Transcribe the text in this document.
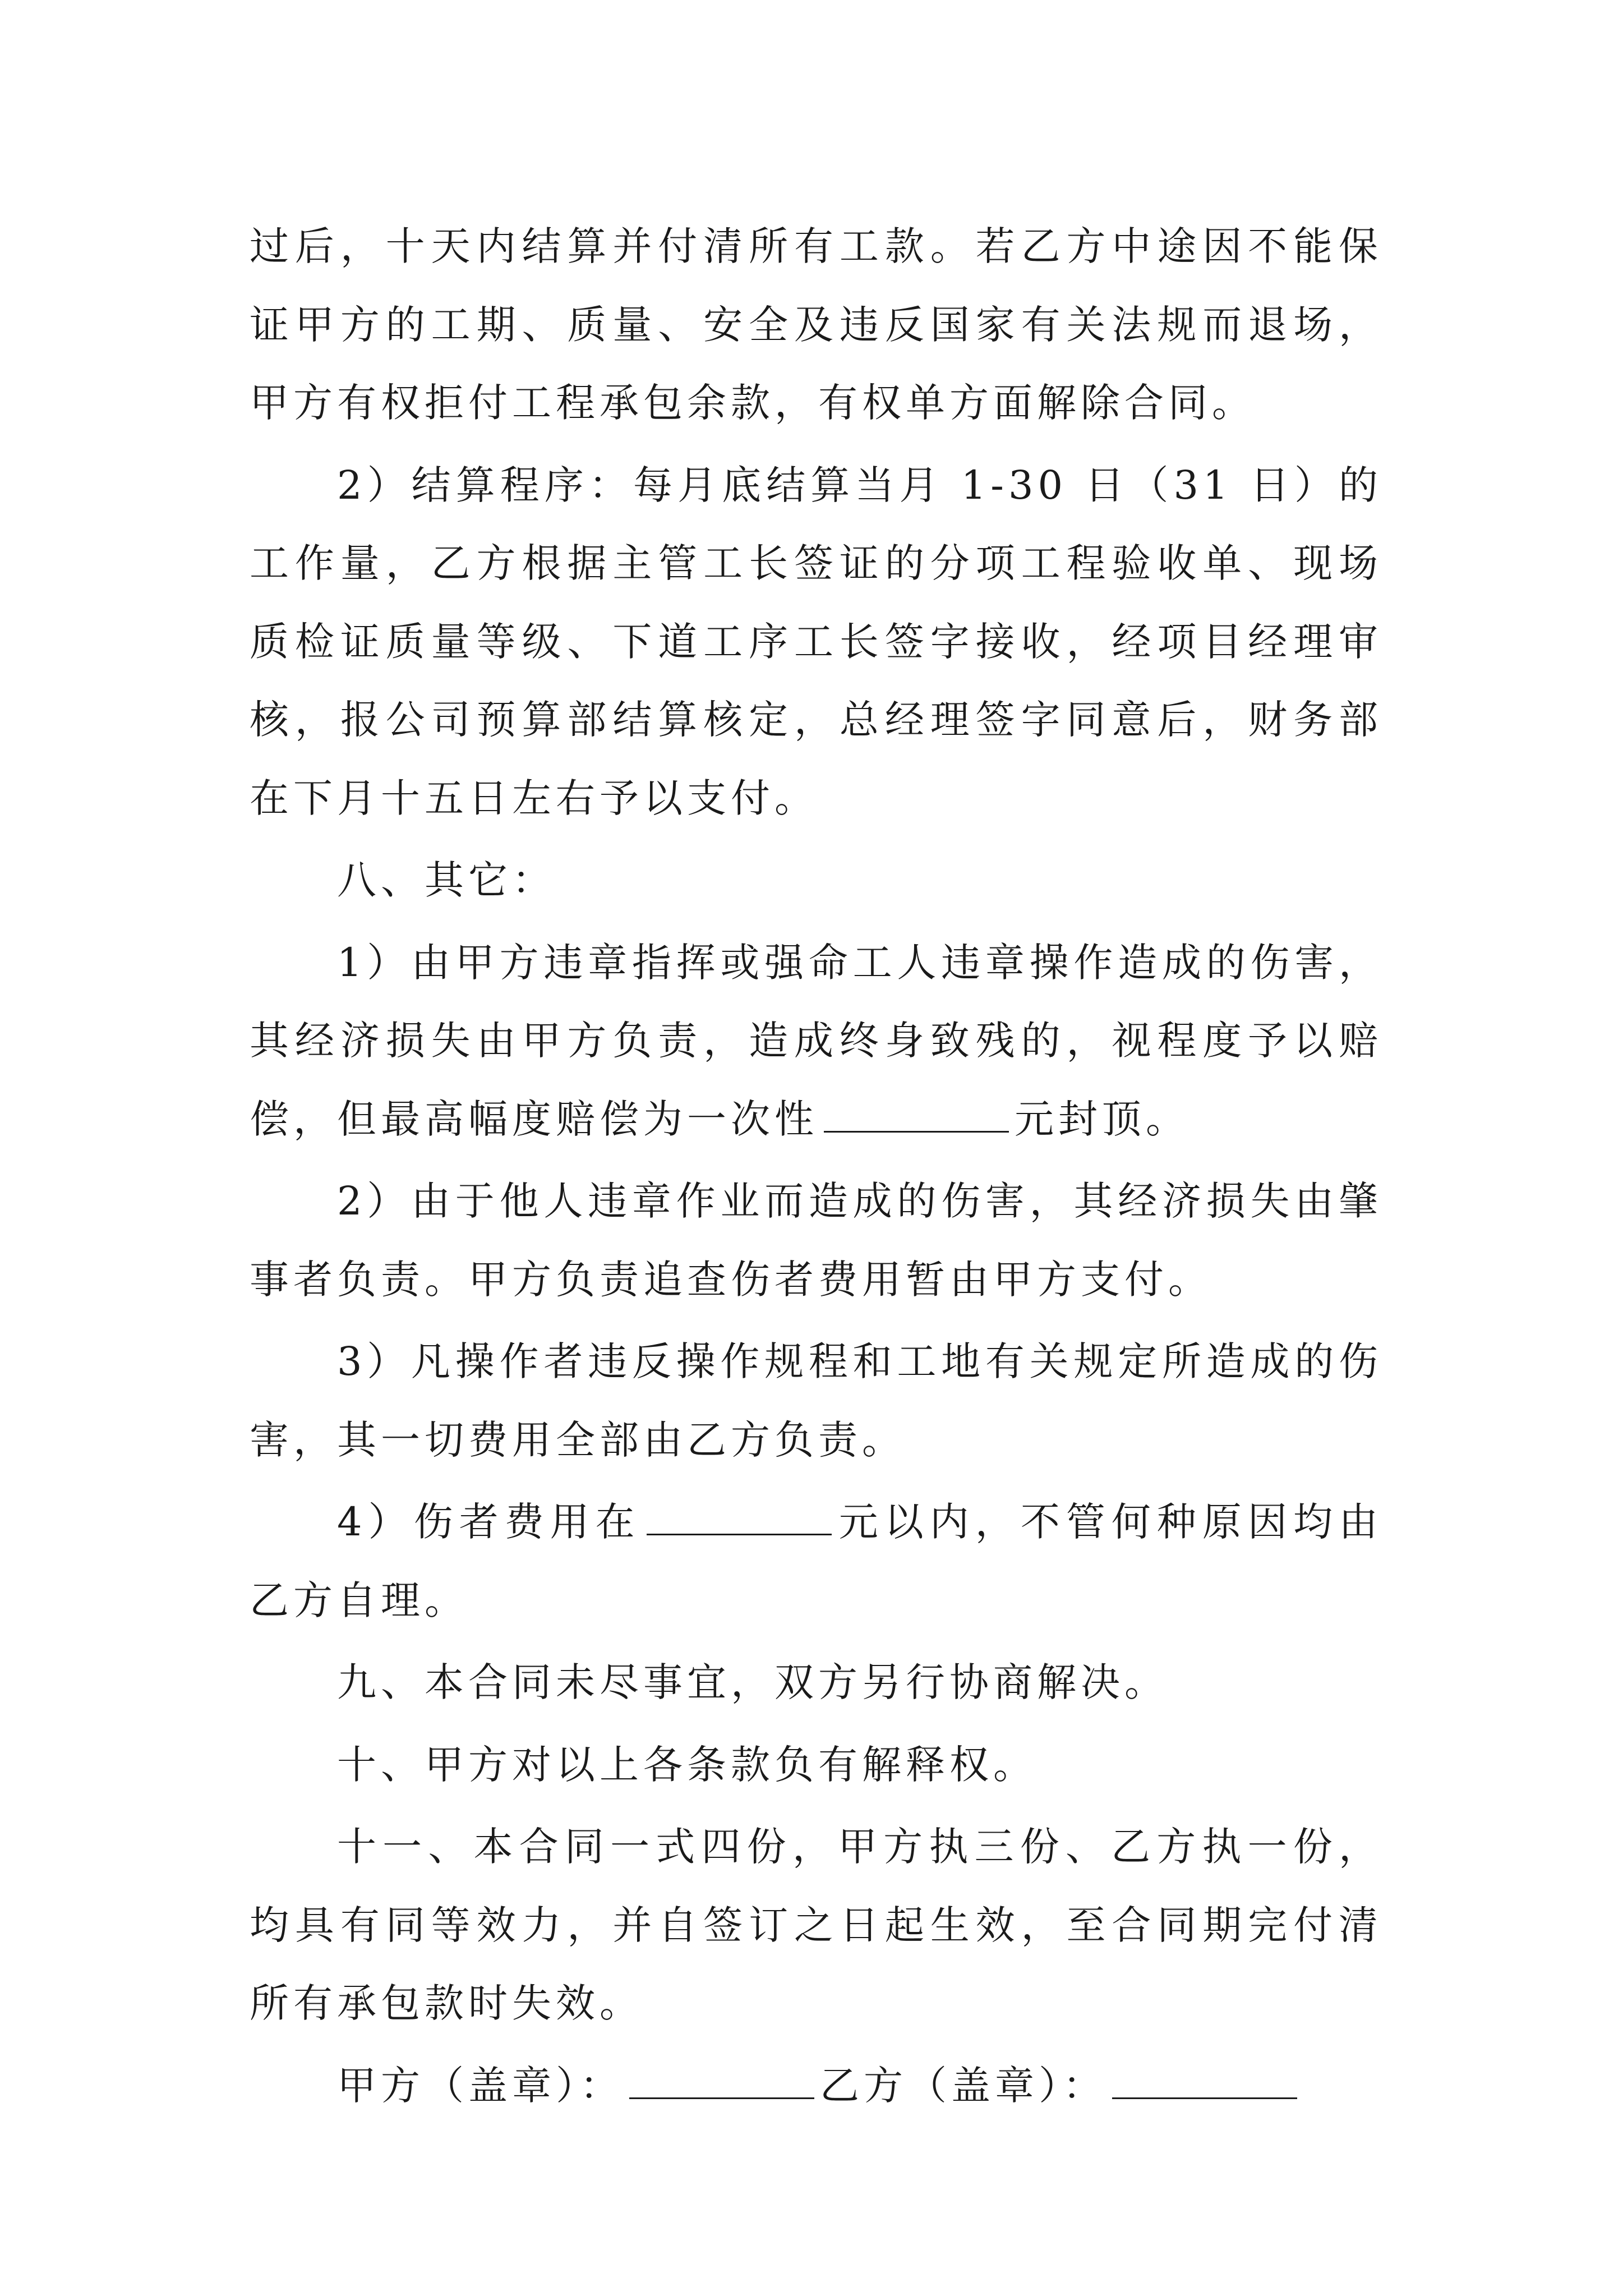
过后，十天内结算并付清所有工款。若乙方中途因不能保证甲方的工期、质量、安全及违反国家有关法规而退场，甲方有权拒付工程承包余款，有权单方面解除合同。

2）结算程序：每月底结算当月 1-30 日（31 日）的工作量，乙方根据主管工长签证的分项工程验收单、现场质检证质量等级、下道工序工长签字接收，经项目经理审核，报公司预算部结算核定，总经理签字同意后，财务部在下月十五日左右予以支付。

八、其它：

1）由甲方违章指挥或强命工人违章操作造成的伤害，其经济损失由甲方负责，造成终身致残的，视程度予以赔偿，但最高幅度赔偿为一次性	元封顶。

2）由于他人违章作业而造成的伤害，其经济损失由肇事者负责。甲方负责追查伤者费用暂由甲方支付。

3）凡操作者违反操作规程和工地有关规定所造成的伤害，其一切费用全部由乙方负责。

4）伤者费用在	元以内，不管何种原因均由乙方自理。

九、本合同未尽事宜，双方另行协商解决。

十、甲方对以上各条款负有解释权。

十一、本合同一式四份，甲方执三份、乙方执一份，均具有同等效力，并自签订之日起生效，至合同期完付清所有承包款时失效。

甲方（盖章）：	乙方（盖章）：
